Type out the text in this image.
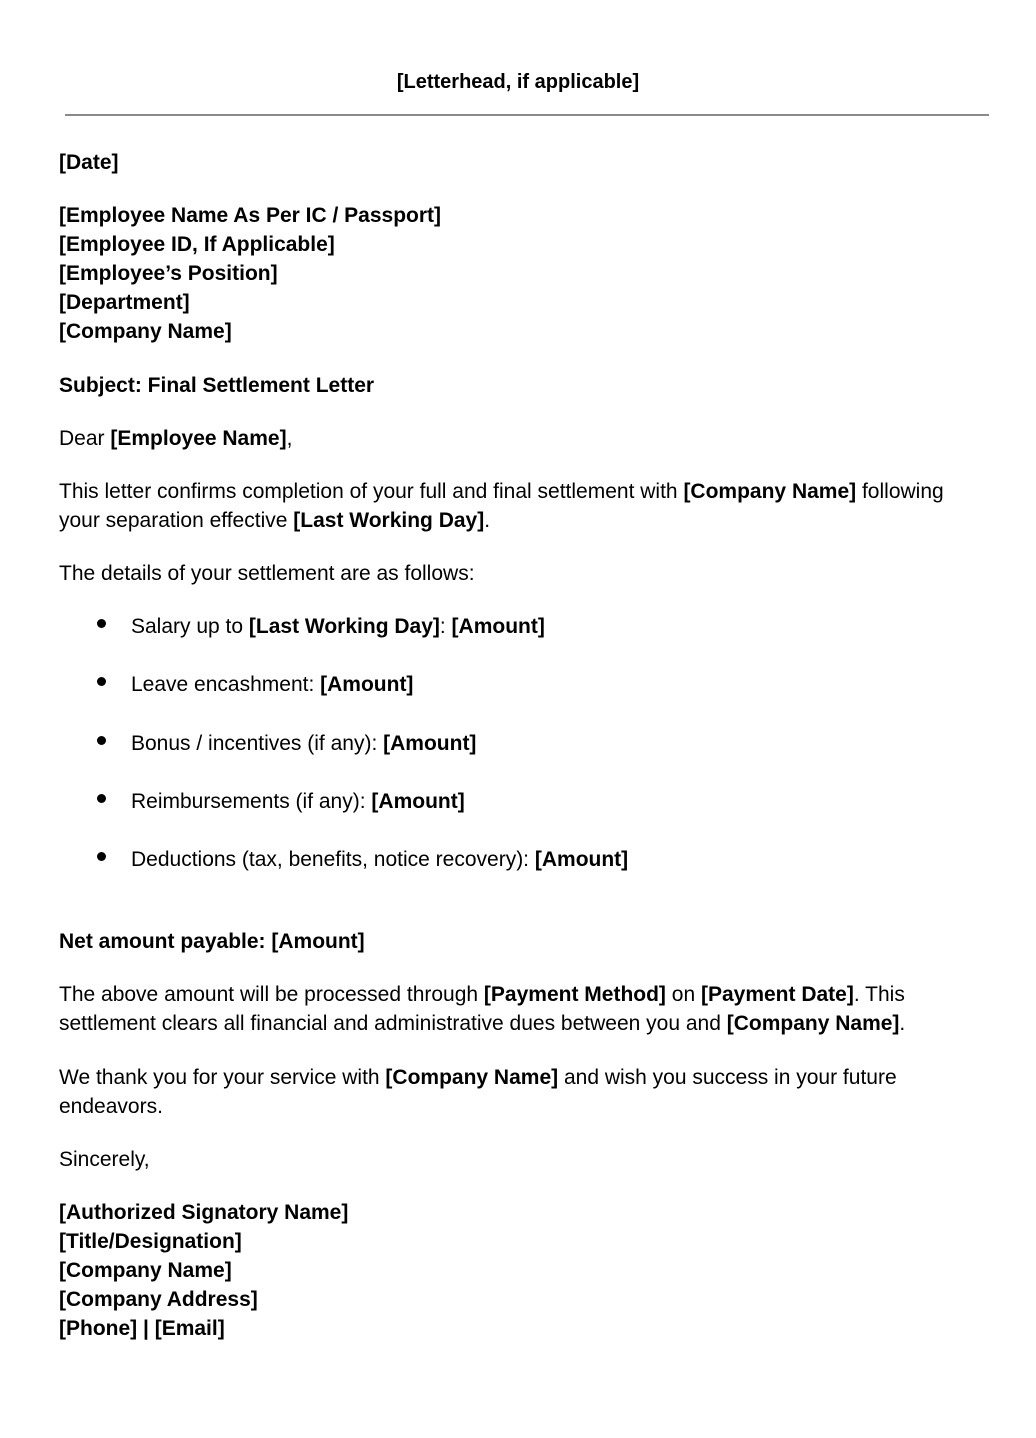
[Letterhead, if applicable]
[Date]
[Employee Name As Per IC / Passport]
[Employee ID, If Applicable]
[Employee’s Position]
[Department]
[Company Name]
Subject: Final Settlement Letter
Dear [Employee Name],
This letter confirms completion of your full and final settlement with [Company Name] following
your separation effective [Last Working Day].
The details of your settlement are as follows:
Salary up to [Last Working Day]: [Amount]
Leave encashment: [Amount]
Bonus / incentives (if any): [Amount]
Reimbursements (if any): [Amount]
Deductions (tax, benefits, notice recovery): [Amount]
Net amount payable: [Amount]
The above amount will be processed through [Payment Method] on [Payment Date]. This
settlement clears all financial and administrative dues between you and [Company Name].
We thank you for your service with [Company Name] and wish you success in your future
endeavors.
Sincerely,
[Authorized Signatory Name]
[Title/Designation]
[Company Name]
[Company Address]
[Phone] | [Email]
